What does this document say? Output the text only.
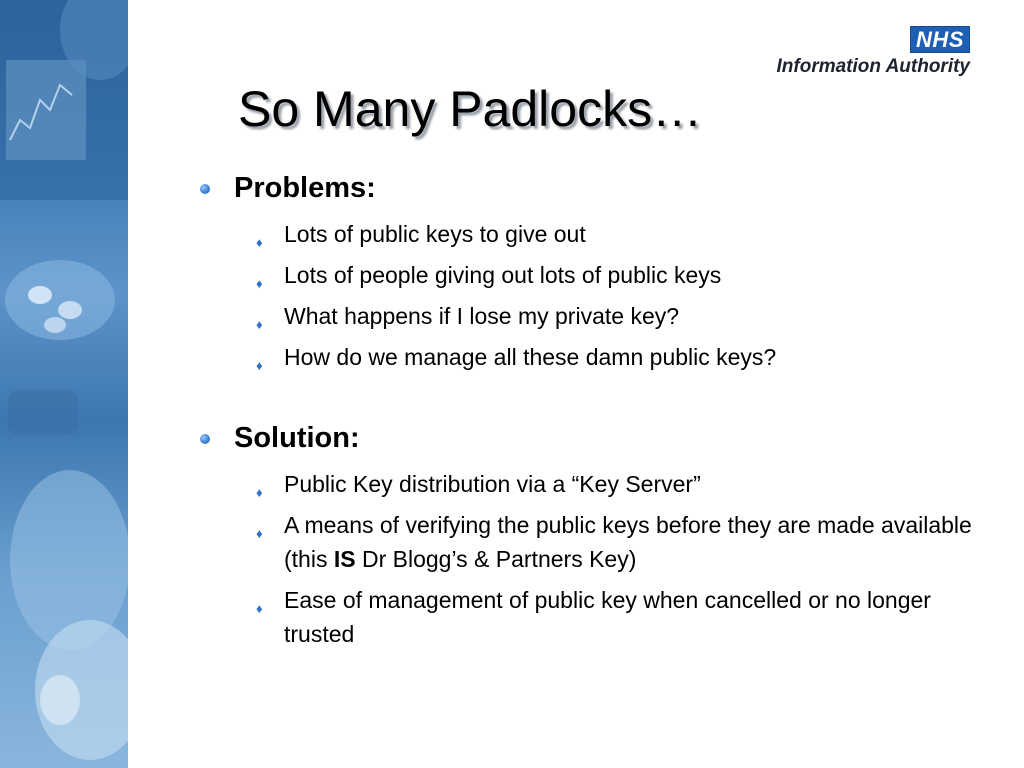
NHS
Information Authority
So Many Padlocks…
Problems:
♦ Lots of public keys to give out
♦ Lots of people giving out lots of public keys
♦ What happens if I lose my private key?
♦ How do we manage all these damn public keys?
Solution:
♦ Public Key distribution via a “Key Server”
♦ A means of verifying the public keys before they are made available (this IS Dr Blogg’s & Partners Key)
♦ Ease of management of public key when cancelled or no longer trusted
